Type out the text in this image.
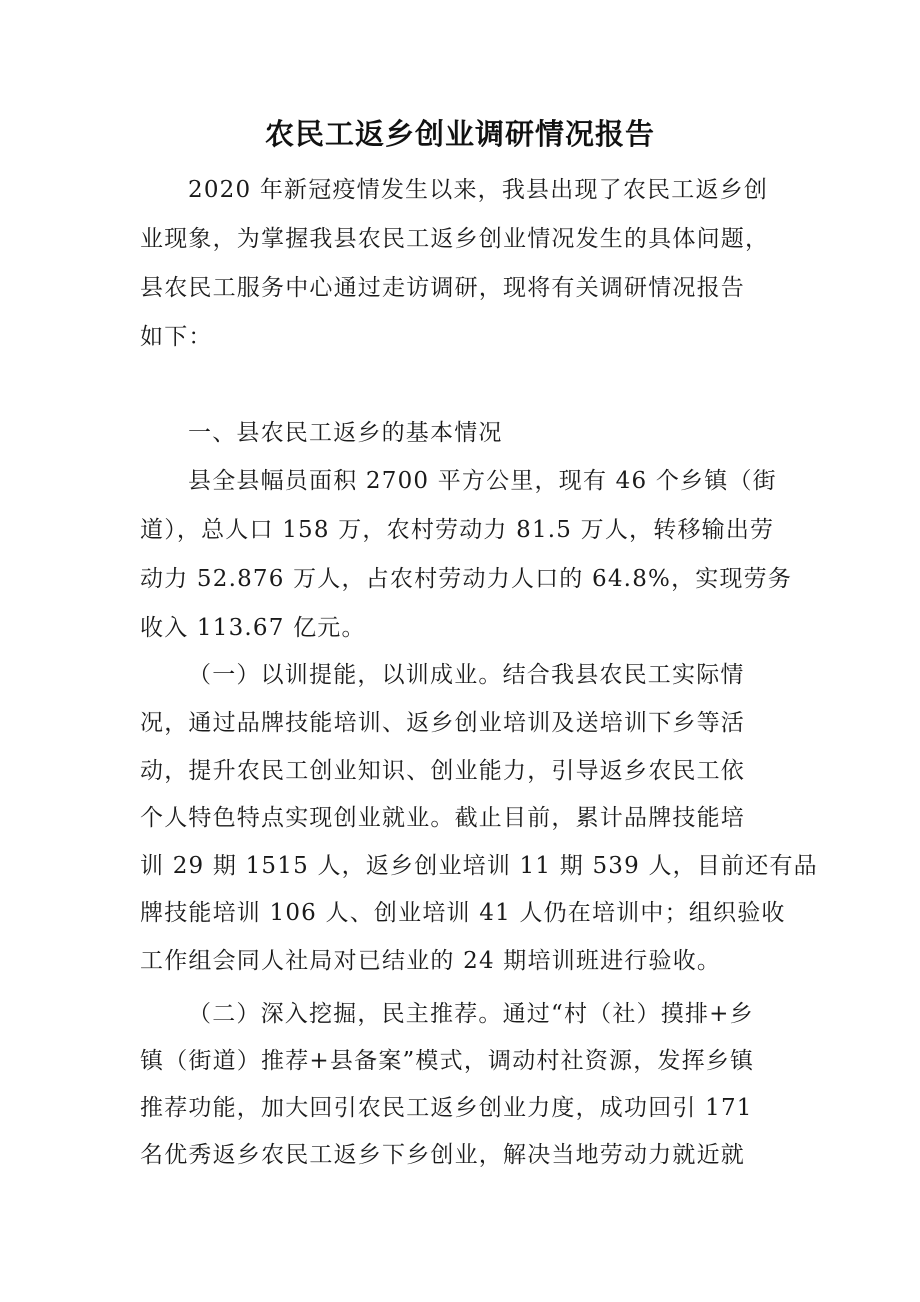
农民工返乡创业调研情况报告
2020 年新冠疫情发生以来，我县出现了农民工返乡创
业现象，为掌握我县农民工返乡创业情况发生的具体问题，
县农民工服务中心通过走访调研，现将有关调研情况报告
如下：
一、县农民工返乡的基本情况
县全县幅员面积 2700 平方公里，现有 46 个乡镇（街
道），总人口 158 万，农村劳动力 81.5 万人，转移输出劳
动力 52.876 万人，占农村劳动力人口的 64.8%，实现劳务
收入 113.67 亿元。
（一）以训提能，以训成业。结合我县农民工实际情
况，通过品牌技能培训、返乡创业培训及送培训下乡等活
动，提升农民工创业知识、创业能力，引导返乡农民工依
个人特色特点实现创业就业。截止目前，累计品牌技能培
训 29 期 1515 人，返乡创业培训 11 期 539 人，目前还有品
牌技能培训 106 人、创业培训 41 人仍在培训中；组织验收
工作组会同人社局对已结业的 24 期培训班进行验收。
（二）深入挖掘，民主推荐。通过“村（社）摸排+乡
镇（街道）推荐+县备案”模式，调动村社资源，发挥乡镇
推荐功能，加大回引农民工返乡创业力度，成功回引 171
名优秀返乡农民工返乡下乡创业，解决当地劳动力就近就
